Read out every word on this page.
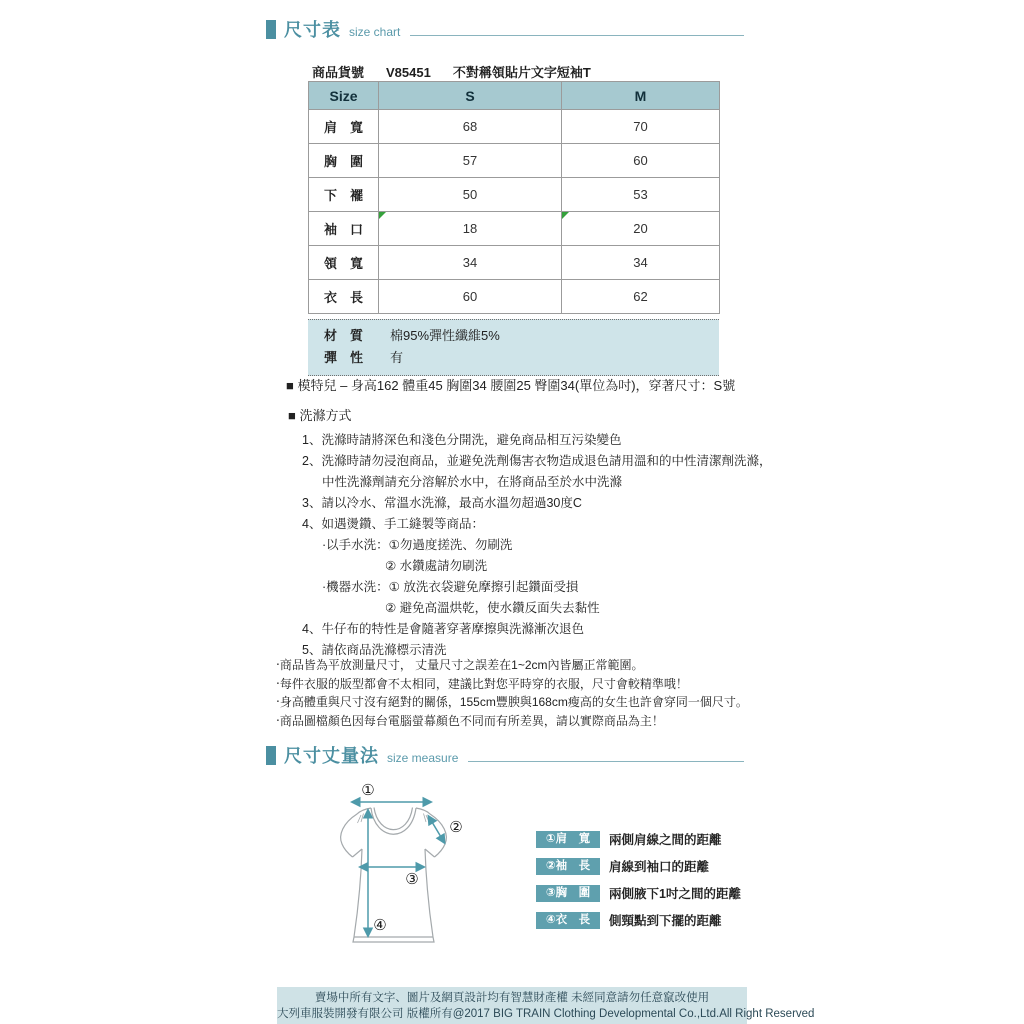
尺寸表 size chart
商品貨號 V85451 不對稱領貼片文字短袖T
Size	S	M
肩　寬	68	70
胸　圍	57	60
下　襬	50	53
袖　口	18	20
領　寬	34	34
衣　長	60	62
材　質	棉95%彈性纖維5%
彈　性	有
■ 模特兒 – 身高162 體重45 胸圍34 腰圍25 臀圍34(單位為吋)，穿著尺寸：S號
■ 洗滌方式
1、洗滌時請將深色和淺色分開洗，避免商品相互污染變色
2、洗滌時請勿浸泡商品，並避免洗劑傷害衣物造成退色請用溫和的中性清潔劑洗滌，
中性洗滌劑請充分溶解於水中，在將商品至於水中洗滌
3、請以冷水、常溫水洗滌，最高水溫勿超過30度C
4、如遇燙鑽、手工縫製等商品：
·以手水洗：①勿過度搓洗、勿刷洗
② 水鑽處請勿刷洗
·機器水洗：① 放洗衣袋避免摩擦引起鑽面受損
② 避免高溫烘乾，使水鑽反面失去黏性
4、牛仔布的特性是會隨著穿著摩擦與洗滌漸次退色
5、請依商品洗滌標示清洗
‧商品皆為平放測量尺寸， 丈量尺寸之誤差在1~2cm內皆屬正常範圍。
‧每件衣服的版型都會不太相同，建議比對您平時穿的衣服，尺寸會較精準哦！
‧身高體重與尺寸沒有絕對的關係，155cm豐腴與168cm瘦高的女生也許會穿同一個尺寸。
‧商品圖檔顏色因每台電腦螢幕顏色不同而有所差異，請以實際商品為主！
尺寸丈量法 size measure
①
②
③
④
①肩　寬	兩側肩線之間的距離
②袖　長	肩線到袖口的距離
③胸　圍	兩側腋下1吋之間的距離
④衣　長	側頸點到下擺的距離
賣場中所有文字、圖片及網頁設計均有智慧財產權 未經同意請勿任意竄改使用
大列車服裝開發有限公司 版權所有@2017 BIG TRAIN Clothing Developmental Co.,Ltd.All Right Reserved
